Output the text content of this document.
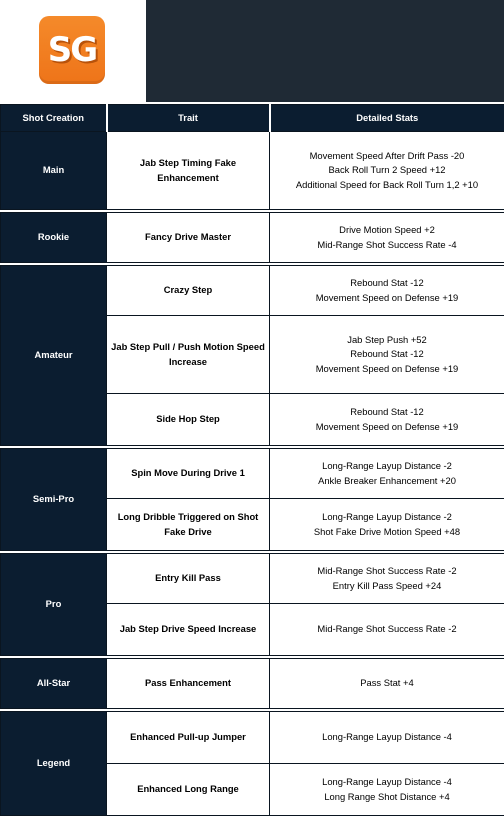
SG
Shot Creation	Trait	Detailed Stats
Main	Jab Step Timing Fake Enhancement	Movement Speed After Drift Pass -20
Back Roll Turn 2 Speed +12
Additional Speed for Back Roll Turn 1,2 +10

Rookie	Fancy Drive Master	Drive Motion Speed +2
Mid-Range Shot Success Rate -4

Amateur	Crazy Step	Rebound Stat -12
Movement Speed on Defense +19

	Jab Step Pull / Push Motion Speed Increase	Jab Step Push +52
Rebound Stat -12
Movement Speed on Defense +19

	Side Hop Step	Rebound Stat -12
Movement Speed on Defense +19

Semi-Pro	Spin Move During Drive 1	Long-Range Layup Distance -2
Ankle Breaker Enhancement +20

	Long Dribble Triggered on Shot Fake Drive	Long-Range Layup Distance -2
Shot Fake Drive Motion Speed +48

Pro	Entry Kill Pass	Mid-Range Shot Success Rate -2
Entry Kill Pass Speed +24

	Jab Step Drive Speed Increase	Mid-Range Shot Success Rate -2

All-Star	Pass Enhancement	Pass Stat +4

Legend	Enhanced Pull-up Jumper	Long-Range Layup Distance -4

	Enhanced Long Range	Long-Range Layup Distance -4
Long Range Shot Distance +4
